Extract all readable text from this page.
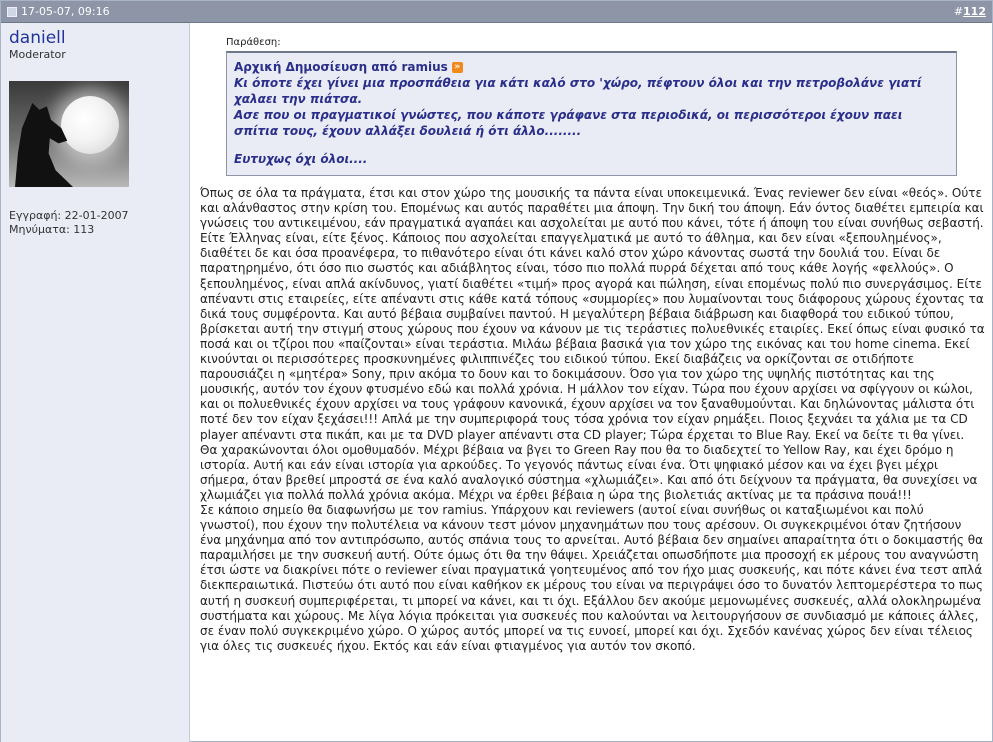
17-05-07, 09:16	#112
daniell
Moderator
Εγγραφή: 22-01-2007
Μηνύματα: 113
Παράθεση:
Αρχική Δημοσίευση από ramius »
Κι όποτε έχει γίνει μια προσπάθεια για κάτι καλό στο 'χώρο, πέφτουν όλοι και την πετροβολάνε γιατί χαλαει την πιάτσα.
Ασε που οι πραγματικοί γνώστες, που κάποτε γράφανε στα περιοδικά, οι περισσότεροι έχουν παει σπίτια τους, έχουν αλλάξει δουλειά ή ότι άλλο........
Ευτυχως όχι όλοι....

Όπως σε όλα τα πράγματα, έτσι και στον χώρο της μουσικής τα πάντα είναι υποκειμενικά. Ένας reviewer δεν είναι «θεός». Ούτε και αλάνθαστος στην κρίση του. Επομένως και αυτός παραθέτει μια άποψη. Την δική του άποψη. Εάν όντος διαθέτει εμπειρία και γνώσεις του αντικειμένου, εάν πραγματικά αγαπάει και ασχολείται με αυτό που κάνει, τότε ή άποψη του είναι συνήθως σεβαστή. Είτε Έλληνας είναι, είτε ξένος. Κάποιος που ασχολείται επαγγελματικά με αυτό το άθλημα, και δεν είναι «ξεπουλημένος», διαθέτει δε και όσα προανέφερα, το πιθανότερο είναι ότι κάνει καλό στον χώρο κάνοντας σωστά την δουλιά του. Είναι δε παρατηρημένο, ότι όσο πιο σωστός και αδιάβλητος είναι, τόσο πιο πολλά πυρρά δέχεται από τους κάθε λογής «φελλούς». Ο ξεπουλημένος, είναι απλά ακίνδυνος, γιατί διαθέτει «τιμή» προς αγορά και πώληση, είναι επομένως πολύ πιο συνεργάσιμος. Είτε απέναντι στις εταιρείες, είτε απέναντι στις κάθε κατά τόπους «συμμορίες» που λυμαίνονται τους διάφορους χώρους έχοντας τα δικά τους συμφέροντα. Και αυτό βέβαια συμβαίνει παντού. Η μεγαλύτερη βέβαια διάβρωση και διαφθορά του ειδικού τύπου, βρίσκεται αυτή την στιγμή στους χώρους που έχουν να κάνουν με τις τεράστιες πολυεθνικές εταιρίες. Εκεί όπως είναι φυσικό τα ποσά και οι τζίροι που «παίζονται» είναι τεράστια. Μιλάω βέβαια βασικά για τον χώρο της εικόνας και του home cinema. Εκεί κινούνται οι περισσότερες προσκυνημένες φιλιππινέζες του ειδικού τύπου. Εκεί διαβάζεις να ορκίζονται σε οτιδήποτε παρουσιάζει η «μητέρα» Sony, πριν ακόμα το δουν και το δοκιμάσουν. Όσο για τον χώρο της υψηλής πιστότητας και της μουσικής, αυτόν τον έχουν φτυσμένο εδώ και πολλά χρόνια. Η μάλλον τον είχαν. Τώρα που έχουν αρχίσει να σφίγγουν οι κώλοι, και οι πολυεθνικές έχουν αρχίσει να τους γράφουν κανονικά, έχουν αρχίσει να τον ξαναθυμούνται. Και δηλώνοντας μάλιστα ότι ποτέ δεν τον είχαν ξεχάσει!!! Απλά με την συμπεριφορά τους τόσα χρόνια τον είχαν ρημάξει. Ποιος ξεχνάει τα χάλια με τα CD player απέναντι στα πικάπ, και με τα DVD player απέναντι στα CD player; Τώρα έρχεται το Blue Ray. Εκεί να δείτε τι θα γίνει. Θα χαρακώνονται όλοι ομοθυμαδόν. Μέχρι βέβαια να βγει το Green Ray που θα το διαδεχτεί το Yellow Ray, και έχει δρόμο η ιστορία. Αυτή και εάν είναι ιστορία για αρκούδες. Το γεγονός πάντως είναι ένα. Ότι ψηφιακό μέσον και να έχει βγει μέχρι σήμερα, όταν βρεθεί μπροστά σε ένα καλό αναλογικό σύστημα «χλωμιάζει». Και από ότι δείχνουν τα πράγματα, θα συνεχίσει να χλωμιάζει για πολλά πολλά χρόνια ακόμα. Μέχρι να έρθει βέβαια η ώρα της βιολετιάς ακτίνας με τα πράσινα πουά!!!

Σε κάποιο σημείο θα διαφωνήσω με τον ramius. Υπάρχουν και reviewers (αυτοί είναι συνήθως οι καταξιωμένοι και πολύ γνωστοί), που έχουν την πολυτέλεια να κάνουν τεστ μόνον μηχανημάτων που τους αρέσουν. Οι συγκεκριμένοι όταν ζητήσουν ένα μηχάνημα από τον αντιπρόσωπο, αυτός σπάνια τους το αρνείται. Αυτό βέβαια δεν σημαίνει απαραίτητα ότι ο δοκιμαστής θα παραμιλήσει με την συσκευή αυτή. Ούτε όμως ότι θα την θάψει. Χρειάζεται οπωσδήποτε μια προσοχή εκ μέρους του αναγνώστη έτσι ώστε να διακρίνει πότε ο reviewer είναι πραγματικά γοητευμένος από τον ήχο μιας συσκευής, και πότε κάνει ένα τεστ απλά διεκπεραιωτικά. Πιστεύω ότι αυτό που είναι καθήκον εκ μέρους του είναι να περιγράψει όσο το δυνατόν λεπτομερέστερα το πως αυτή η συσκευή συμπεριφέρεται, τι μπορεί να κάνει, και τι όχι. Εξάλλου δεν ακούμε μεμονωμένες συσκευές, αλλά ολοκληρωμένα συστήματα και χώρους. Με λίγα λόγια πρόκειται για συσκευές που καλούνται να λειτουργήσουν σε συνδιασμό με κάποιες άλλες, σε έναν πολύ συγκεκριμένο χώρο. Ο χώρος αυτός μπορεί να τις ευνοεί, μπορεί και όχι. Σχεδόν κανένας χώρος δεν είναι τέλειος για όλες τις συσκευές ήχου. Εκτός και εάν είναι φτιαγμένος για αυτόν τον σκοπό.
